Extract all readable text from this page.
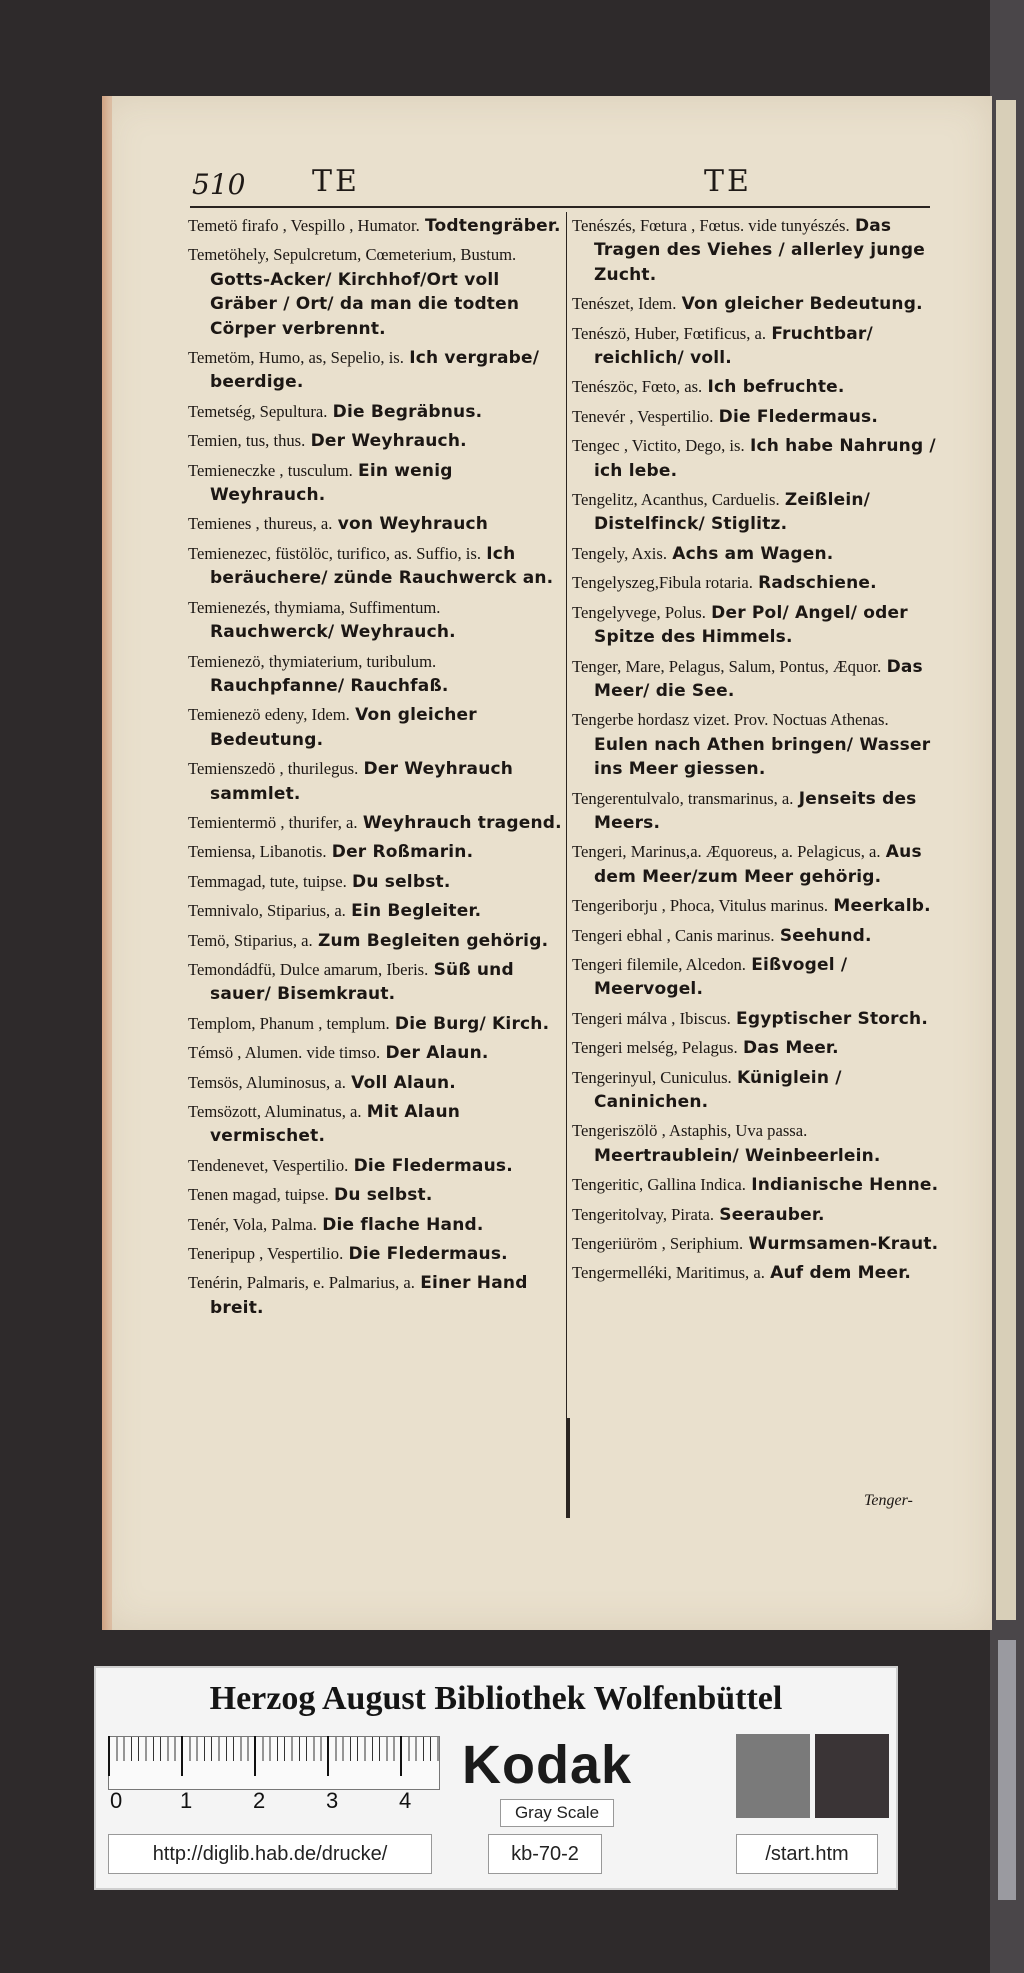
510 TE	TE
Temetö firafo , Vespillo , Humator. Todtengräber.
Temetöhely, Sepulcretum, Cœmeterium, Bustum. Gotts-Acker/ Kirchhof/Ort voll Gräber / Ort/ da man die todten Cörper verbrennt.
Temetöm, Humo, as, Sepelio, is. Ich vergrabe/ beerdige.
Temetség, Sepultura. Die Begräbnus.
Temien, tus, thus. Der Weyhrauch.
Temieneczke , tusculum. Ein wenig Weyhrauch.
Temienes , thureus, a. von Weyhrauch
Temienezec, füstölöc, turifico, as. Suffio, is. Ich beräuchere/ zünde Rauchwerck an.
Temienezés, thymiama, Suffimentum. Rauchwerck/ Weyhrauch.
Temienezö, thymiaterium, turibulum. Rauchpfanne/ Rauchfaß.
Temienezö edeny, Idem. Von gleicher Bedeutung.
Temienszedö , thurilegus. Der Weyhrauch sammlet.
Temientermö , thurifer, a. Weyhrauch tragend.
Temiensa, Libanotis. Der Roßmarin.
Temmagad, tute, tuipse. Du selbst.
Temnivalo, Stiparius, a. Ein Begleiter.
Temö, Stiparius, a. Zum Begleiten gehörig.
Temondádfü, Dulce amarum, Iberis. Süß und sauer/ Bisemkraut.
Templom, Phanum , templum. Die Burg/ Kirch.
Témsö , Alumen. vide timso. Der Alaun.
Temsös, Aluminosus, a. Voll Alaun.
Temsözott, Aluminatus, a. Mit Alaun vermischet.
Tendenevet, Vespertilio. Die Fledermaus.
Tenen magad, tuipse. Du selbst.
Tenér, Vola, Palma. Die flache Hand.
Teneripup , Vespertilio. Die Fledermaus.
Tenérin, Palmaris, e. Palmarius, a. Einer Hand breit.
Tenészés, Fœtura , Fœtus. vide tunyészés. Das Tragen des Viehes / allerley junge Zucht.
Tenészet, Idem. Von gleicher Bedeutung.
Tenészö, Huber, Fœtificus, a. Fruchtbar/ reichlich/ voll.
Tenészöc, Fœto, as. Ich befruchte.
Tenevér , Vespertilio. Die Fledermaus.
Tengec , Victito, Dego, is. Ich habe Nahrung / ich lebe.
Tengelitz, Acanthus, Carduelis. Zeißlein/ Distelfinck/ Stiglitz.
Tengely, Axis. Achs am Wagen.
Tengelyszeg,Fibula rotaria. Radschiene.
Tengelyvege, Polus. Der Pol/ Angel/ oder Spitze des Himmels.
Tenger, Mare, Pelagus, Salum, Pontus, Æquor. Das Meer/ die See.
Tengerbe hordasz vizet. Prov. Noctuas Athenas. Eulen nach Athen bringen/ Wasser ins Meer giessen.
Tengerentulvalo, transmarinus, a. Jenseits des Meers.
Tengeri, Marinus,a. Æquoreus, a. Pelagicus, a. Aus dem Meer/zum Meer gehörig.
Tengeriborju , Phoca, Vitulus marinus. Meerkalb.
Tengeri ebhal , Canis marinus. Seehund.
Tengeri filemile, Alcedon. Eißvogel / Meervogel.
Tengeri málva , Ibiscus. Egyptischer Storch.
Tengeri melség, Pelagus. Das Meer.
Tengerinyul, Cuniculus. Küniglein / Caninichen.
Tengeriszölö , Astaphis, Uva passa. Meertraublein/ Weinbeerlein.
Tengeritic, Gallina Indica. Indianische Henne.
Tengeritolvay, Pirata. Seerauber.
Tengeriüröm , Seriphium. Wurmsamen-Kraut.
Tengermelléki, Maritimus, a. Auf dem Meer.
Tenger-
Herzog August Bibliothek Wolfenbüttel
0	1	2	3	4
Kodak
Gray Scale
http://diglib.hab.de/drucke/	kb-70-2	/start.htm
